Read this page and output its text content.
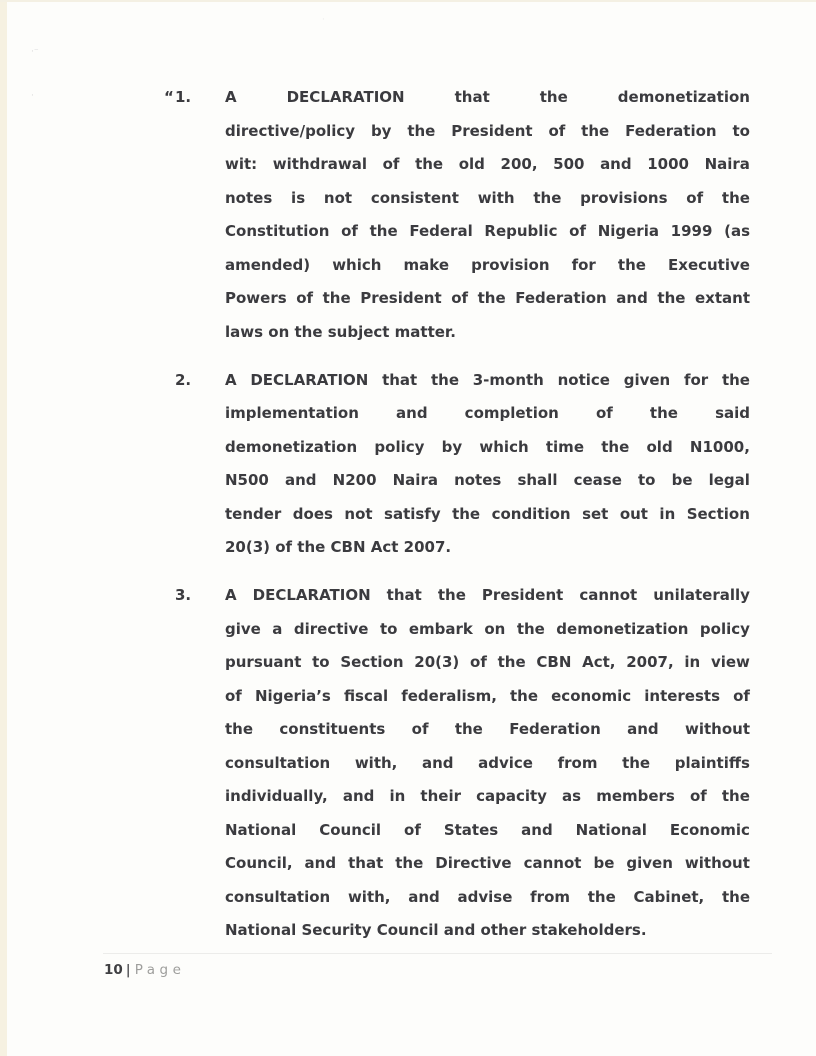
·⁻
·
·
“ 1.	A	DECLARATION	that	the	demonetization
directive/policy by the President of the Federation to
wit: withdrawal of the old 200, 500 and 1000 Naira
notes is not consistent with the provisions of the
Constitution of the Federal Republic of Nigeria 1999 (as
amended) which make provision for the Executive
Powers of the President of the Federation and the extant
laws on the subject matter.
2.	A DECLARATION that the 3-month notice given for the
implementation and completion of the said
demonetization policy by which time the old N1000,
N500 and N200 Naira notes shall cease to be legal
tender does not satisfy the condition set out in Section
20(3) of the CBN Act 2007.
3.	A DECLARATION that the President cannot unilaterally
give a directive to embark on the demonetization policy
pursuant to Section 20(3) of the CBN Act, 2007, in view
of Nigeria’s fiscal federalism, the economic interests of
the constituents of the Federation and without
consultation with, and advice from the plaintiffs
individually, and in their capacity as members of the
National Council of States and National Economic
Council, and that the Directive cannot be given without
consultation with, and advise from the Cabinet, the
National Security Council and other stakeholders.
10 | Page
